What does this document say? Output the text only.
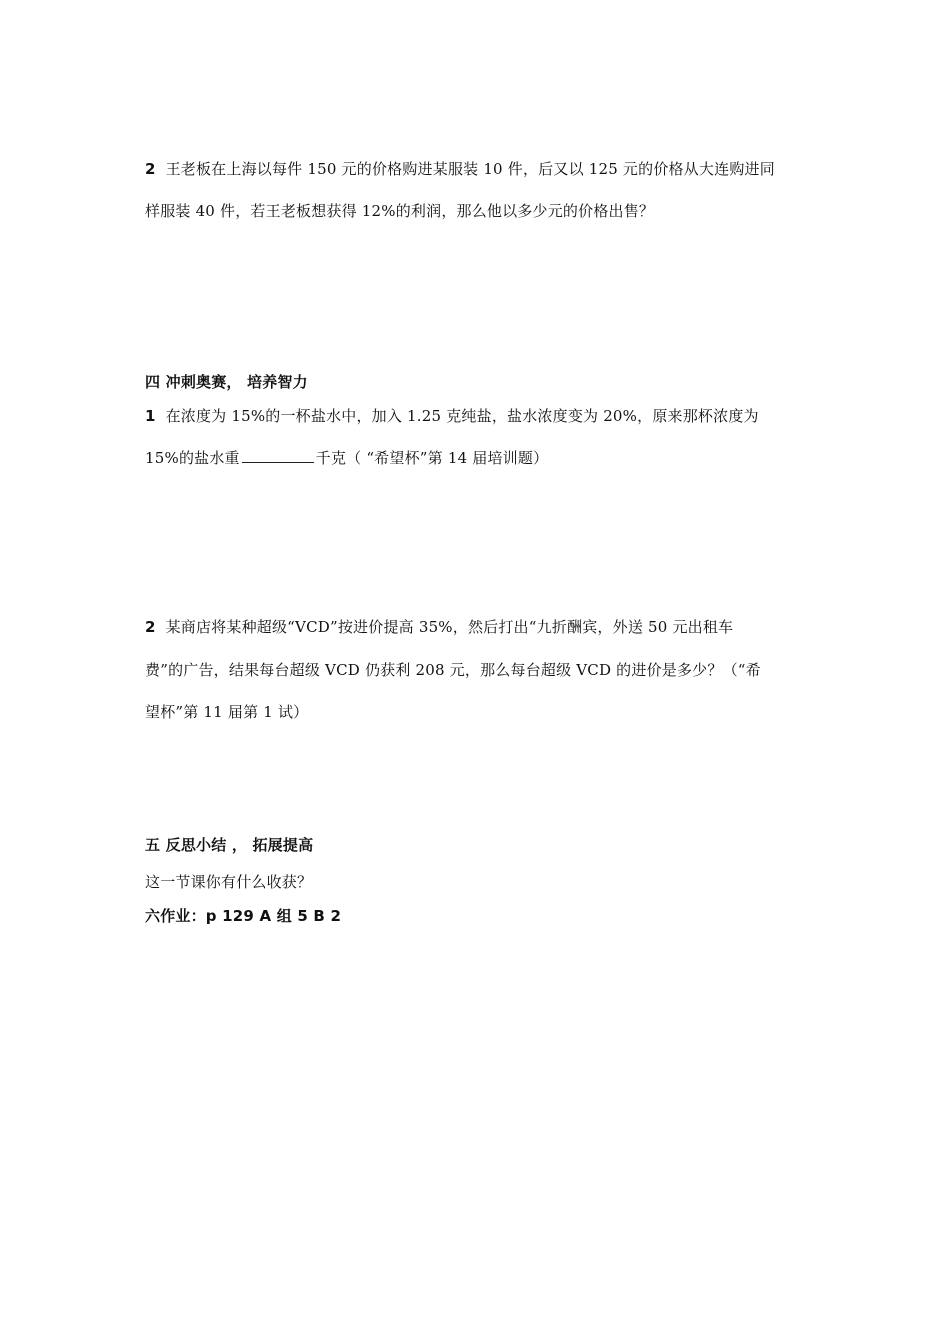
2 王老板在上海以每件 150 元的价格购进某服装 10 件，后又以 125 元的价格从大连购进同
样服装 40 件，若王老板想获得 12%的利润，那么他以多少元的价格出售？
四 冲刺奥赛， 培养智力
1 在浓度为 15%的一杯盐水中，加入 1.25 克纯盐，盐水浓度变为 20%，原来那杯浓度为
15%的盐水重	千克（ “希望杯”第 14 届培训题）
2 某商店将某种超级“VCD”按进价提高 35%，然后打出“九折酬宾，外送 50 元出租车
费”的广告，结果每台超级 VCD 仍获利 208 元，那么每台超级 VCD 的进价是多少？（“希
望杯”第 11 届第 1 试）
五 反思小结 ， 拓展提高
这一节课你有什么收获？
六作业：p 129 A 组 5 B 2
